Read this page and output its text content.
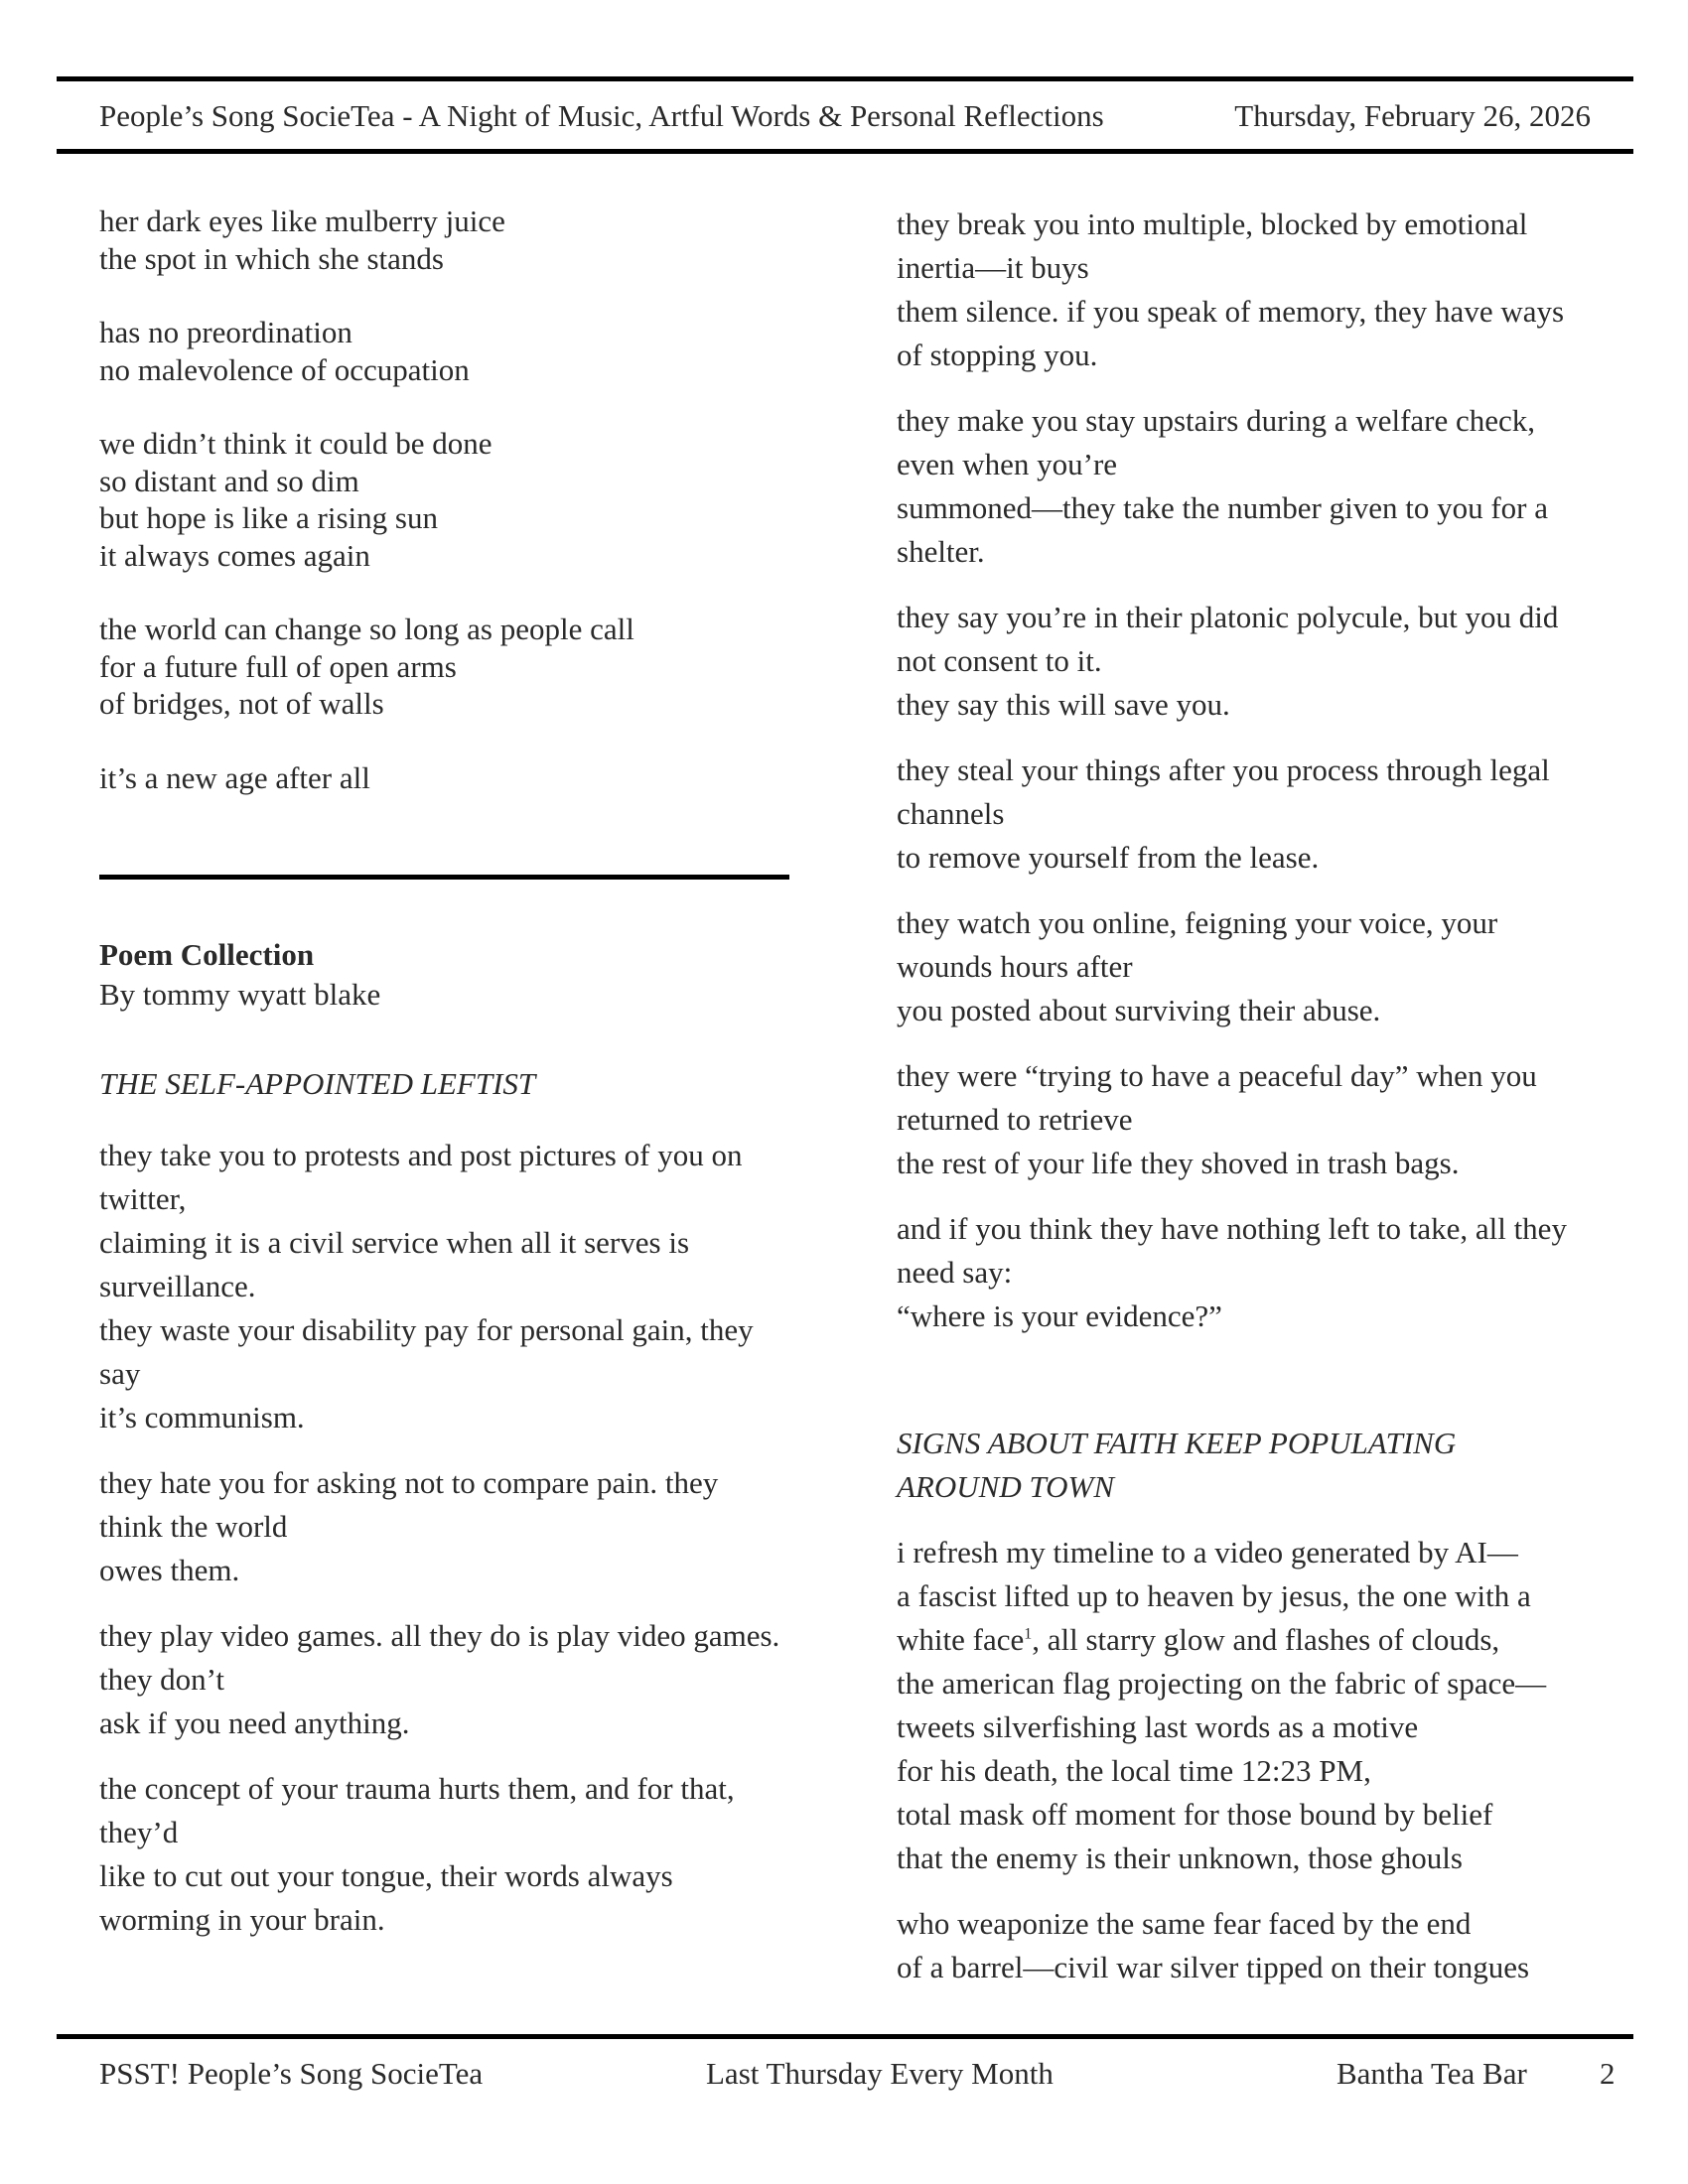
People’s Song SocieTea - A Night of Music, Artful Words & Personal Reflections	Thursday, February 26, 2026
her dark eyes like mulberry juice
the spot in which she stands
has no preordination
no malevolence of occupation
we didn’t think it could be done
so distant and so dim
but hope is like a rising sun
it always comes again
the world can change so long as people call
for a future full of open arms
of bridges, not of walls
it’s a new age after all
Poem Collection
By tommy wyatt blake
THE SELF-APPOINTED LEFTIST
they take you to protests and post pictures of you on
twitter,
claiming it is a civil service when all it serves is
surveillance.
they waste your disability pay for personal gain, they
say
it’s communism.
they hate you for asking not to compare pain. they
think the world
owes them.
they play video games. all they do is play video games.
they don’t
ask if you need anything.
the concept of your trauma hurts them, and for that,
they’d
like to cut out your tongue, their words always
worming in your brain.
they break you into multiple, blocked by emotional
inertia—it buys
them silence. if you speak of memory, they have ways
of stopping you.
they make you stay upstairs during a welfare check,
even when you’re
summoned—they take the number given to you for a
shelter.
they say you’re in their platonic polycule, but you did
not consent to it.
they say this will save you.
they steal your things after you process through legal
channels
to remove yourself from the lease.
they watch you online, feigning your voice, your
wounds hours after
you posted about surviving their abuse.
they were “trying to have a peaceful day” when you
returned to retrieve
the rest of your life they shoved in trash bags.
and if you think they have nothing left to take, all they
need say:
“where is your evidence?”
SIGNS ABOUT FAITH KEEP POPULATING
AROUND TOWN
i refresh my timeline to a video generated by AI—
a fascist lifted up to heaven by jesus, the one with a
white face$^1$, all starry glow and flashes of clouds,
the american flag projecting on the fabric of space—
tweets silverfishing last words as a motive
for his death, the local time 12:23 PM,
total mask off moment for those bound by belief
that the enemy is their unknown, those ghouls
who weaponize the same fear faced by the end
of a barrel—civil war silver tipped on their tongues
PSST! People’s Song SocieTea	Last Thursday Every Month	Bantha Tea Bar 2
